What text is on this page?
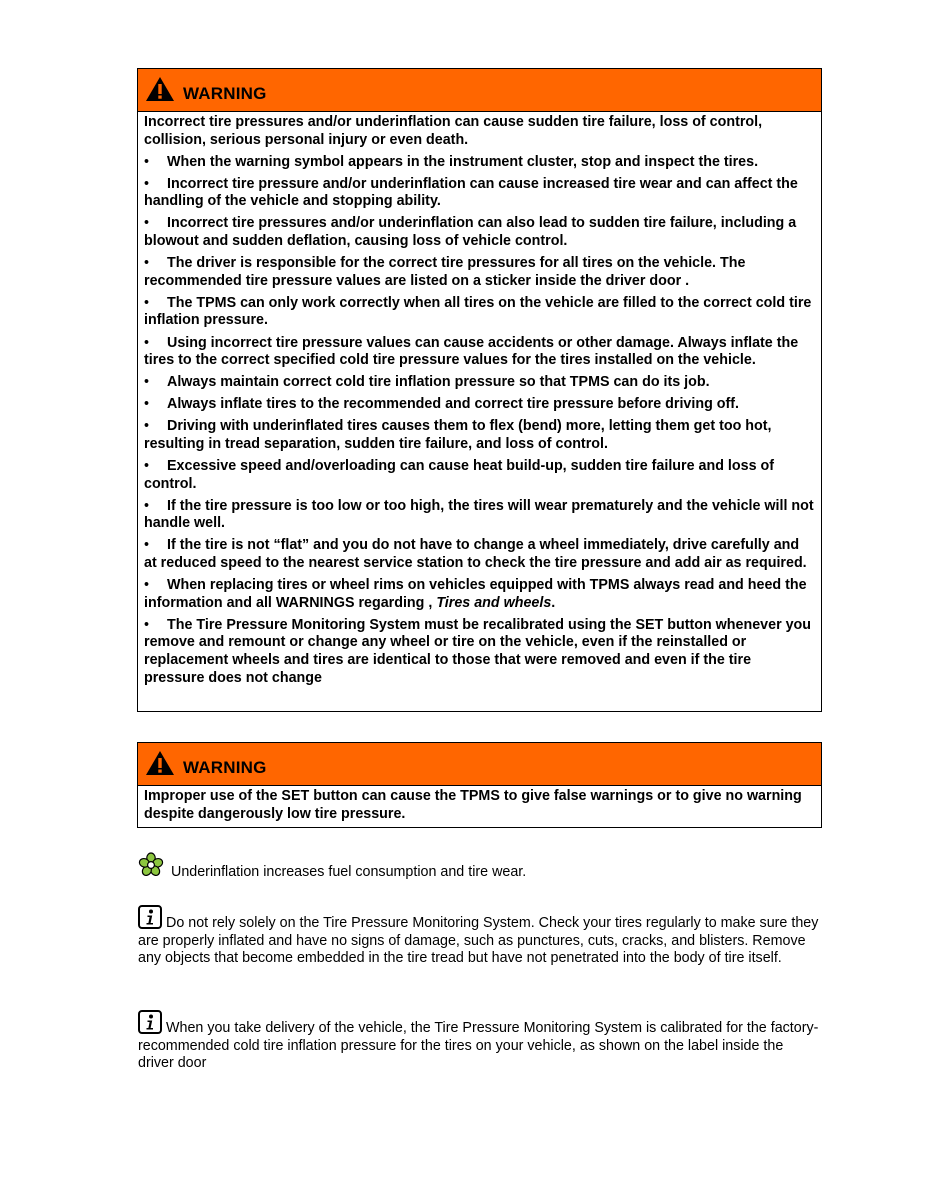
WARNING

Incorrect tire pressures and/or underinflation can cause sudden tire failure, loss of control, collision, serious personal injury or even death.

• When the warning symbol appears in the instrument cluster, stop and inspect the tires.

• Incorrect tire pressure and/or underinflation can cause increased tire wear and can affect the handling of the vehicle and stopping ability.

• Incorrect tire pressures and/or underinflation can also lead to sudden tire failure, including a blowout and sudden deflation, causing loss of vehicle control.

• The driver is responsible for the correct tire pressures for all tires on the vehicle. The recommended tire pressure values are listed on a sticker inside the driver door .

• The TPMS can only work correctly when all tires on the vehicle are filled to the correct cold tire inflation pressure.

• Using incorrect tire pressure values can cause accidents or other damage. Always inflate the tires to the correct specified cold tire pressure values for the tires installed on the vehicle.

• Always maintain correct cold tire inflation pressure so that TPMS can do its job.

• Always inflate tires to the recommended and correct tire pressure before driving off.

• Driving with underinflated tires causes them to flex (bend) more, letting them get too hot, resulting in tread separation, sudden tire failure, and loss of control.

• Excessive speed and/overloading can cause heat build-up, sudden tire failure and loss of control.

• If the tire pressure is too low or too high, the tires will wear prematurely and the vehicle will not handle well.

• If the tire is not “flat” and you do not have to change a wheel immediately, drive carefully and at reduced speed to the nearest service station to check the tire pressure and add air as required.

• When replacing tires or wheel rims on vehicles equipped with TPMS always read and heed the information and all WARNINGS regarding , Tires and wheels.

• The Tire Pressure Monitoring System must be recalibrated using the SET button whenever you remove and remount or change any wheel or tire on the vehicle, even if the reinstalled or replacement wheels and tires are identical to those that were removed and even if the tire pressure does not change

WARNING

Improper use of the SET button can cause the TPMS to give false warnings or to give no warning despite dangerously low tire pressure.

Underinflation increases fuel consumption and tire wear.

Do not rely solely on the Tire Pressure Monitoring System. Check your tires regularly to make sure they are properly inflated and have no signs of damage, such as punctures, cuts, cracks, and blisters. Remove any objects that become embedded in the tire tread but have not penetrated into the body of tire itself.

When you take delivery of the vehicle, the Tire Pressure Monitoring System is calibrated for the factory-recommended cold tire inflation pressure for the tires on your vehicle, as shown on the label inside the driver door
